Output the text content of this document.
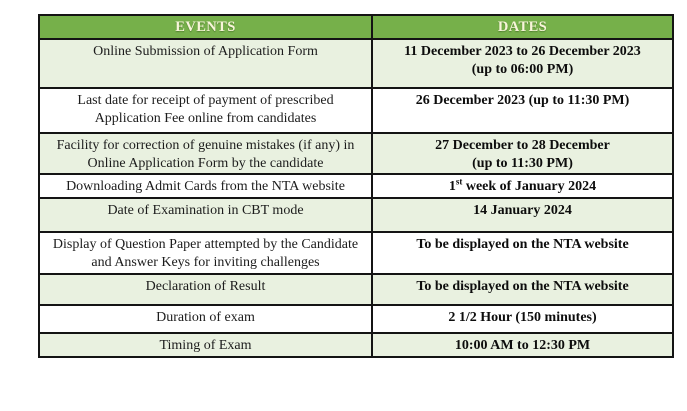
EVENTS	DATES
Online Submission of Application Form	11 December 2023 to 26 December 2023
(up to 06:00 PM)

Last date for receipt of payment of prescribed Application Fee online from candidates	26 December 2023 (up to 11:30 PM)

Facility for correction of genuine mistakes (if any) in Online Application Form by the candidate	27 December to 28 December
(up to 11:30 PM)

Downloading Admit Cards from the NTA website	1st week of January 2024

Date of Examination in CBT mode	14 January 2024

Display of Question Paper attempted by the Candidate and Answer Keys for inviting challenges	To be displayed on the NTA website

Declaration of Result	To be displayed on the NTA website

Duration of exam	2 1/2 Hour (150 minutes)

Timing of Exam	10:00 AM to 12:30 PM
